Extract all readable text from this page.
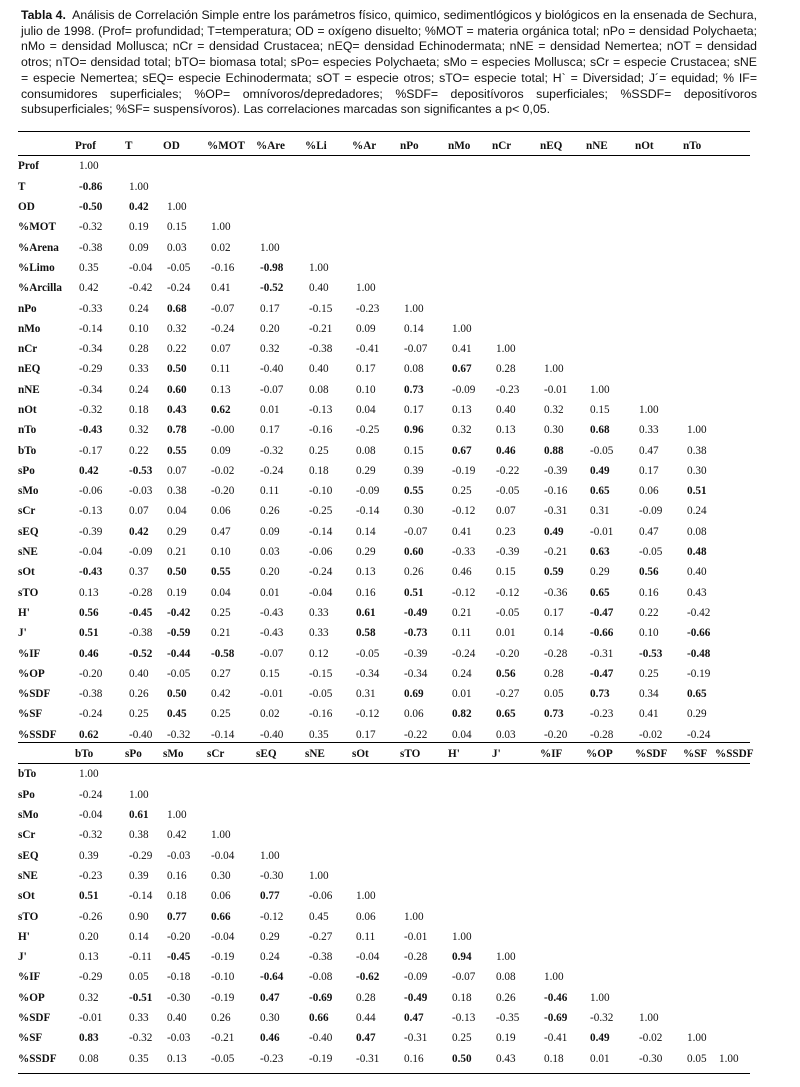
Tabla 4. Análisis de Correlación Simple entre los parámetros físico, quimico, sedimentlógicos y biológicos en la ensenada de Sechura, julio de 1998. (Prof= profundidad; T=temperatura; OD = oxígeno disuelto; %MOT = materia orgánica total; nPo = densidad Polychaeta; nMo = densidad Mollusca; nCr = densidad Crustacea; nEQ= densidad Echinodermata; nNE = densidad Nemertea; nOT = densidad otros; nTO= densidad total; bTO= biomasa total; sPo= especies Polychaeta; sMo = especies Mollusca; sCr = especie Crustacea; sNE = especie Nemertea; sEQ= especie Echinodermata; sOT = especie otros; sTO= especie total; H` = Diversidad; J´= equidad; % IF= consumidores superficiales; %OP= omnívoros/depredadores; %SDF= depositívoros superficiales; %SSDF= depositívoros subsuperficiales; %SF= suspensívoros). Las correlaciones marcadas son significantes a p< 0,05.
	Prof	T	OD	%MOT	%Are	%Li	%Ar	nPo	nMo	nCr	nEQ	nNE	nOt	nTo	
Prof	1.00														
T	-0.86	1.00													
OD	-0.50	0.42	1.00												
%MOT	-0.32	0.19	0.15	1.00											
%Arena	-0.38	0.09	0.03	0.02	1.00										
%Limo	0.35	-0.04	-0.05	-0.16	-0.98	1.00									
%Arcilla	0.42	-0.42	-0.24	0.41	-0.52	0.40	1.00								
nPo	-0.33	0.24	0.68	-0.07	0.17	-0.15	-0.23	1.00							
nMo	-0.14	0.10	0.32	-0.24	0.20	-0.21	0.09	0.14	1.00						
nCr	-0.34	0.28	0.22	0.07	0.32	-0.38	-0.41	-0.07	0.41	1.00					
nEQ	-0.29	0.33	0.50	0.11	-0.40	0.40	0.17	0.08	0.67	0.28	1.00				
nNE	-0.34	0.24	0.60	0.13	-0.07	0.08	0.10	0.73	-0.09	-0.23	-0.01	1.00			
nOt	-0.32	0.18	0.43	0.62	0.01	-0.13	0.04	0.17	0.13	0.40	0.32	0.15	1.00		
nTo	-0.43	0.32	0.78	-0.00	0.17	-0.16	-0.25	0.96	0.32	0.13	0.30	0.68	0.33	1.00	
bTo	-0.17	0.22	0.55	0.09	-0.32	0.25	0.08	0.15	0.67	0.46	0.88	-0.05	0.47	0.38	
sPo	0.42	-0.53	0.07	-0.02	-0.24	0.18	0.29	0.39	-0.19	-0.22	-0.39	0.49	0.17	0.30	
sMo	-0.06	-0.03	0.38	-0.20	0.11	-0.10	-0.09	0.55	0.25	-0.05	-0.16	0.65	0.06	0.51	
sCr	-0.13	0.07	0.04	0.06	0.26	-0.25	-0.14	0.30	-0.12	0.07	-0.31	0.31	-0.09	0.24	
sEQ	-0.39	0.42	0.29	0.47	0.09	-0.14	0.14	-0.07	0.41	0.23	0.49	-0.01	0.47	0.08	
sNE	-0.04	-0.09	0.21	0.10	0.03	-0.06	0.29	0.60	-0.33	-0.39	-0.21	0.63	-0.05	0.48	
sOt	-0.43	0.37	0.50	0.55	0.20	-0.24	0.13	0.26	0.46	0.15	0.59	0.29	0.56	0.40	
sTO	0.13	-0.28	0.19	0.04	0.01	-0.04	0.16	0.51	-0.12	-0.12	-0.36	0.65	0.16	0.43	
H'	0.56	-0.45	-0.42	0.25	-0.43	0.33	0.61	-0.49	0.21	-0.05	0.17	-0.47	0.22	-0.42	
J'	0.51	-0.38	-0.59	0.21	-0.43	0.33	0.58	-0.73	0.11	0.01	0.14	-0.66	0.10	-0.66	
%IF	0.46	-0.52	-0.44	-0.58	-0.07	0.12	-0.05	-0.39	-0.24	-0.20	-0.28	-0.31	-0.53	-0.48	
%OP	-0.20	0.40	-0.05	0.27	0.15	-0.15	-0.34	-0.34	0.24	0.56	0.28	-0.47	0.25	-0.19	
%SDF	-0.38	0.26	0.50	0.42	-0.01	-0.05	0.31	0.69	0.01	-0.27	0.05	0.73	0.34	0.65	
%SF	-0.24	0.25	0.45	0.25	0.02	-0.16	-0.12	0.06	0.82	0.65	0.73	-0.23	0.41	0.29	
%SSDF	0.62	-0.40	-0.32	-0.14	-0.40	0.35	0.17	-0.22	0.04	0.03	-0.20	-0.28	-0.02	-0.24	
	bTo	sPo	sMo	sCr	sEQ	sNE	sOt	sTO	H'	J'	%IF	%OP	%SDF	%SF	%SSDF
bTo	1.00														
sPo	-0.24	1.00													
sMo	-0.04	0.61	1.00												
sCr	-0.32	0.38	0.42	1.00											
sEQ	0.39	-0.29	-0.03	-0.04	1.00										
sNE	-0.23	0.39	0.16	0.30	-0.30	1.00									
sOt	0.51	-0.14	0.18	0.06	0.77	-0.06	1.00								
sTO	-0.26	0.90	0.77	0.66	-0.12	0.45	0.06	1.00							
H'	0.20	0.14	-0.20	-0.04	0.29	-0.27	0.11	-0.01	1.00						
J'	0.13	-0.11	-0.45	-0.19	0.24	-0.38	-0.04	-0.28	0.94	1.00					
%IF	-0.29	0.05	-0.18	-0.10	-0.64	-0.08	-0.62	-0.09	-0.07	0.08	1.00				
%OP	0.32	-0.51	-0.30	-0.19	0.47	-0.69	0.28	-0.49	0.18	0.26	-0.46	1.00			
%SDF	-0.01	0.33	0.40	0.26	0.30	0.66	0.44	0.47	-0.13	-0.35	-0.69	-0.32	1.00		
%SF	0.83	-0.32	-0.03	-0.21	0.46	-0.40	0.47	-0.31	0.25	0.19	-0.41	0.49	-0.02	1.00	
%SSDF	0.08	0.35	0.13	-0.05	-0.23	-0.19	-0.31	0.16	0.50	0.43	0.18	0.01	-0.30	0.05	1.00
